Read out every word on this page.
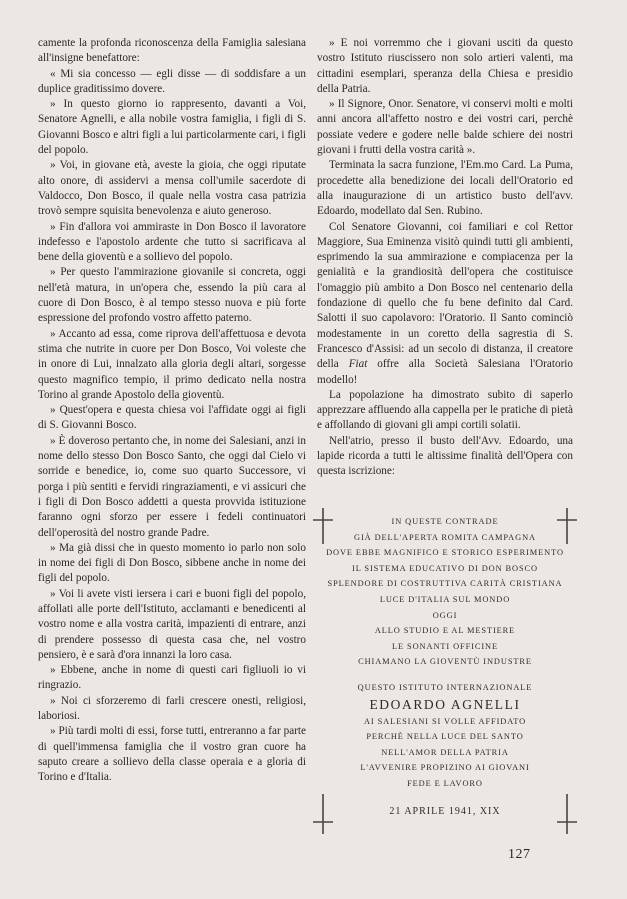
camente la profonda riconoscenza della Famiglia salesiana all'insigne benefattore:

« Mi sia concesso — egli disse — di soddisfare a un duplice graditissimo dovere.

» In questo giorno io rappresento, davanti a Voi, Senatore Agnelli, e alla nobile vostra famiglia, i figli di S. Giovanni Bosco e altri figli a lui particolarmente cari, i figli del popolo.

» Voi, in giovane età, aveste la gioia, che oggi riputate alto onore, di assidervi a mensa coll'umile sacerdote di Valdocco, Don Bosco, il quale nella vostra casa patrizia trovò sempre squisita benevolenza e aiuto generoso.

» Fin d'allora voi ammiraste in Don Bosco il lavoratore indefesso e l'apostolo ardente che tutto si sacrificava al bene della gioventù e a sollievo del popolo.

» Per questo l'ammirazione giovanile si concreta, oggi nell'età matura, in un'opera che, essendo la più cara al cuore di Don Bosco, è al tempo stesso nuova e più forte espressione del profondo vostro affetto paterno.

» Accanto ad essa, come riprova dell'affettuosa e devota stima che nutrite in cuore per Don Bosco, Voi voleste che in onore di Lui, innalzato alla gloria degli altari, sorgesse questo magnifico tempio, il primo dedicato nella nostra Torino al grande Apostolo della gioventù.

» Quest'opera e questa chiesa voi l'affidate oggi ai figli di S. Giovanni Bosco.

» È doveroso pertanto che, in nome dei Salesiani, anzi in nome dello stesso Don Bosco Santo, che oggi dal Cielo vi sorride e benedice, io, come suo quarto Successore, vi porga i più sentiti e fervidi ringraziamenti, e vi assicuri che i figli di Don Bosco addetti a questa provvida istituzione faranno ogni sforzo per essere i fedeli continuatori dell'operosità del nostro grande Padre.

» Ma già dissi che in questo momento io parlo non solo in nome dei figli di Don Bosco, sibbene anche in nome dei figli del popolo.

» Voi li avete visti iersera i cari e buoni figli del popolo, affollati alle porte dell'Istituto, acclamanti e benedicenti al vostro nome e alla vostra carità, impazienti di entrare, anzi di prendere possesso di questa casa che, nel vostro pensiero, è e sarà d'ora innanzi la loro casa.

» Ebbene, anche in nome di questi cari figliuoli io vi ringrazio.

» Noi ci sforzeremo di farli crescere onesti, religiosi, laboriosi.

» Più tardi molti di essi, forse tutti, entreranno a far parte di quell'immensa famiglia che il vostro gran cuore ha saputo creare a sollievo della classe operaia e a gloria di Torino e d'Italia.

» E noi vorremmo che i giovani usciti da questo vostro Istituto riuscissero non solo artieri valenti, ma cittadini esemplari, speranza della Chiesa e presidio della Patria.

» Il Signore, Onor. Senatore, vi conservi molti e molti anni ancora all'affetto nostro e dei vostri cari, perchè possiate vedere e godere nelle balde schiere dei nostri giovani i frutti della vostra carità ».

Terminata la sacra funzione, l'Em.mo Card. La Puma, procedette alla benedizione dei locali dell'Oratorio ed alla inaugurazione di un artistico busto dell'avv. Edoardo, modellato dal Sen. Rubino.

Col Senatore Giovanni, coi familiari e col Rettor Maggiore, Sua Eminenza visitò quindi tutti gli ambienti, esprimendo la sua ammirazione e compiacenza per la genialità e la grandiosità dell'opera che costituisce l'omaggio più ambito a Don Bosco nel centenario della fondazione di quello che fu bene definito dal Card. Salotti il suo capolavoro: l'Oratorio. Il Santo cominciò modestamente in un coretto della sagrestia di S. Francesco d'Assisi: ad un secolo di distanza, il creatore della Fiat offre alla Società Salesiana l'Oratorio modello!

La popolazione ha dimostrato subito di saperlo apprezzare affluendo alla cappella per le pratiche di pietà e affollando di giovani gli ampi cortili solatii.

Nell'atrio, presso il busto dell'Avv. Edoardo, una lapide ricorda a tutti le altissime finalità dell'Opera con questa iscrizione:

IN QUESTE CONTRADE
GIÀ DELL'APERTA ROMITA CAMPAGNA
DOVE EBBE MAGNIFICO E STORICO ESPERIMENTO
IL SISTEMA EDUCATIVO DI DON BOSCO
SPLENDORE DI COSTRUTTIVA CARITÀ CRISTIANA
LUCE D'ITALIA SUL MONDO
OGGI
ALLO STUDIO E AL MESTIERE
LE SONANTI OFFICINE
CHIAMANO LA GIOVENTÙ INDUSTRE
QUESTO ISTITUTO INTERNAZIONALE
EDOARDO AGNELLI
AI SALESIANI SI VOLLE AFFIDATO
PERCHÈ NELLA LUCE DEL SANTO
NELL'AMOR DELLA PATRIA
L'AVVENIRE PROPIZINO AI GIOVANI
FEDE E LAVORO
21 APRILE 1941, XIX
127
